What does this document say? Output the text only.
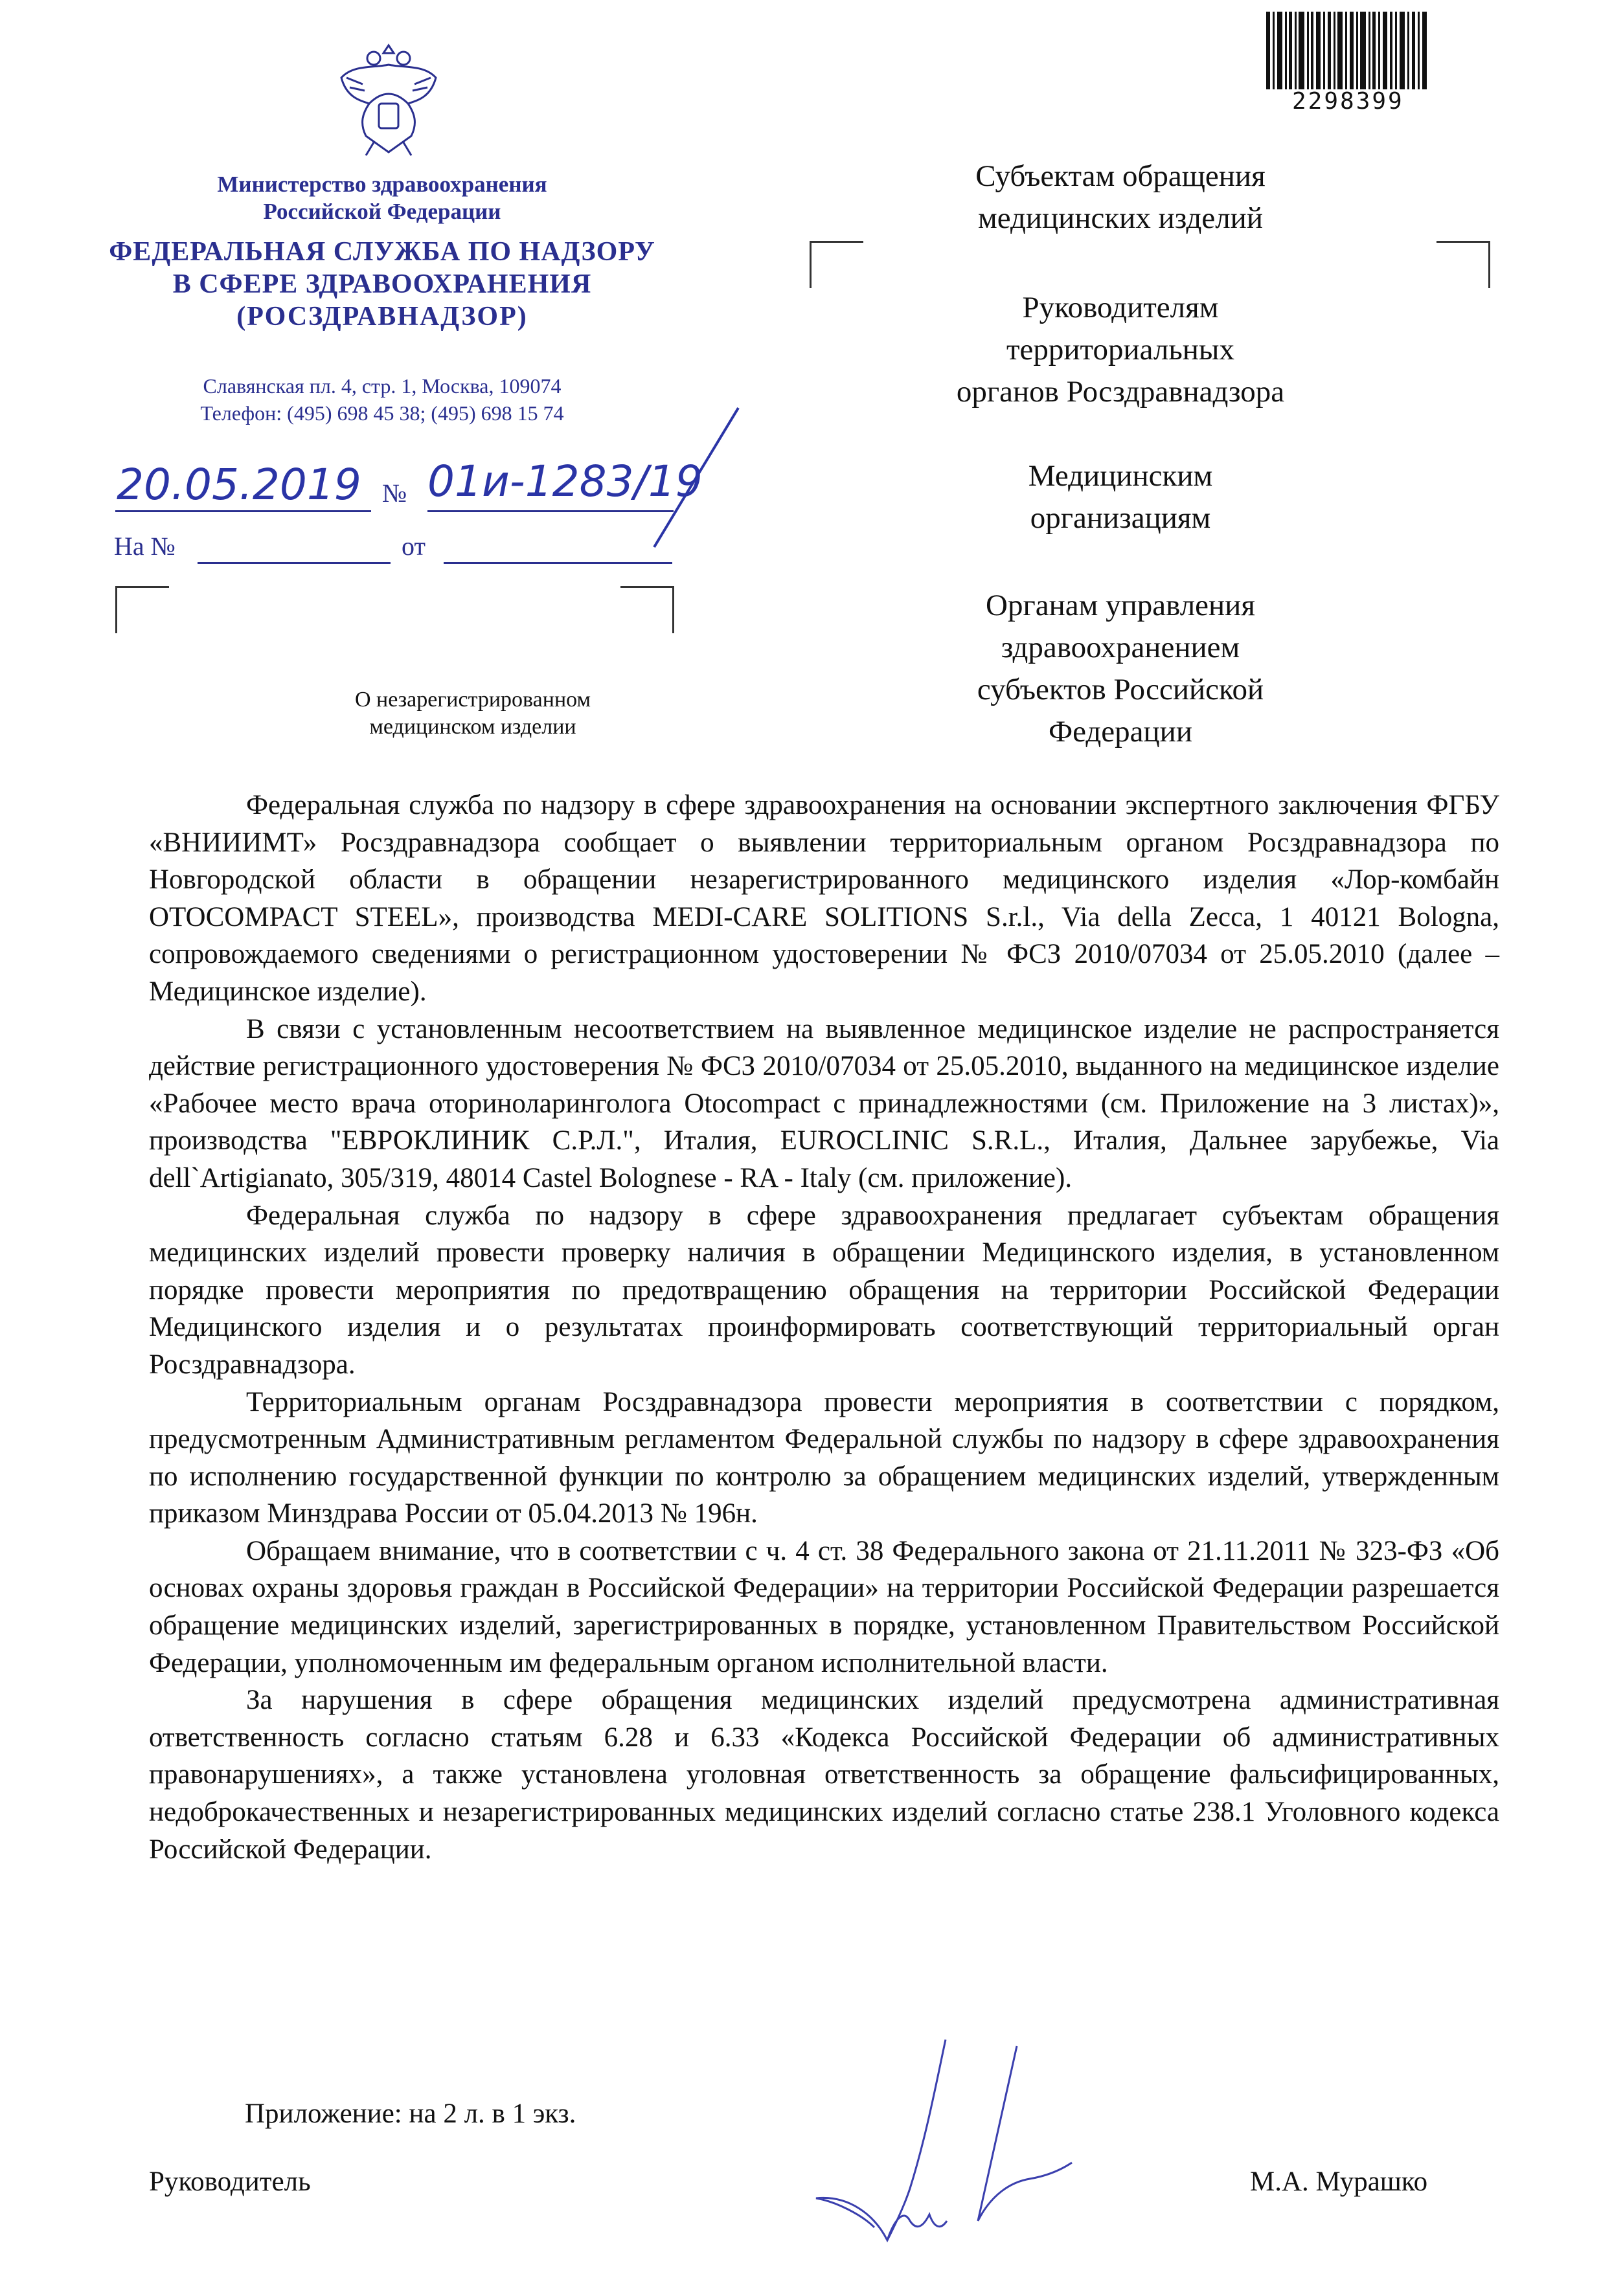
2298399
Министерство здравоохранения
Российской Федерации
ФЕДЕРАЛЬНАЯ СЛУЖБА ПО НАДЗОРУ
В СФЕРЕ ЗДРАВООХРАНЕНИЯ
(РОСЗДРАВНАДЗОР)
Славянская пл. 4, стр. 1, Москва, 109074
Телефон: (495) 698 45 38; (495) 698 15 74
20.05.2019 № 01и-1283/19
На №	от
О незарегистрированном
медицинском изделии
Субъектам обращения
медицинских изделий
Руководителям
территориальных
органов Росздравнадзора
Медицинским
организациям
Органам управления
здравоохранением
субъектов Российской
Федерации

Федеральная служба по надзору в сфере здравоохранения на основании экспертного заключения ФГБУ «ВНИИИМТ» Росздравнадзора сообщает о выявлении территориальным органом Росздравнадзора по Новгородской области в обращении незарегистрированного медицинского изделия «Лор-комбайн OTOCOMPACT STEEL», производства MEDI-CARE SOLITIONS S.r.l., Via della Zecca, 1 40121 Bologna, сопровождаемого сведениями о регистрационном удостоверении № ФСЗ 2010/07034 от 25.05.2010 (далее – Медицинское изделие).

В связи с установленным несоответствием на выявленное медицинское изделие не распространяется действие регистрационного удостоверения № ФСЗ 2010/07034 от 25.05.2010, выданного на медицинское изделие «Рабочее место врача оториноларинголога Otocompact с принадлежностями (см. Приложение на 3 листах)», производства "ЕВРОКЛИНИК С.Р.Л.", Италия, EUROCLINIC S.R.L., Италия, Дальнее зарубежье, Via dell`Artigianato, 305/319, 48014 Castel Bolognese - RA - Italy (см. приложение).

Федеральная служба по надзору в сфере здравоохранения предлагает субъектам обращения медицинских изделий провести проверку наличия в обращении Медицинского изделия, в установленном порядке провести мероприятия по предотвращению обращения на территории Российской Федерации Медицинского изделия и о результатах проинформировать соответствующий территориальный орган Росздравнадзора.

Территориальным органам Росздравнадзора провести мероприятия в соответствии с порядком, предусмотренным Административным регламентом Федеральной службы по надзору в сфере здравоохранения по исполнению государственной функции по контролю за обращением медицинских изделий, утвержденным приказом Минздрава России от 05.04.2013 № 196н.

Обращаем внимание, что в соответствии с ч. 4 ст. 38 Федерального закона от 21.11.2011 № 323-ФЗ «Об основах охраны здоровья граждан в Российской Федерации» на территории Российской Федерации разрешается обращение медицинских изделий, зарегистрированных в порядке, установленном Правительством Российской Федерации, уполномоченным им федеральным органом исполнительной власти.

За нарушения в сфере обращения медицинских изделий предусмотрена административная ответственность согласно статьям 6.28 и 6.33 «Кодекса Российской Федерации об административных правонарушениях», а также установлена уголовная ответственность за обращение фальсифицированных, недоброкачественных и незарегистрированных медицинских изделий согласно статье 238.1 Уголовного кодекса Российской Федерации.

Приложение: на 2 л. в 1 экз.
Руководитель	М.А. Мурашко
